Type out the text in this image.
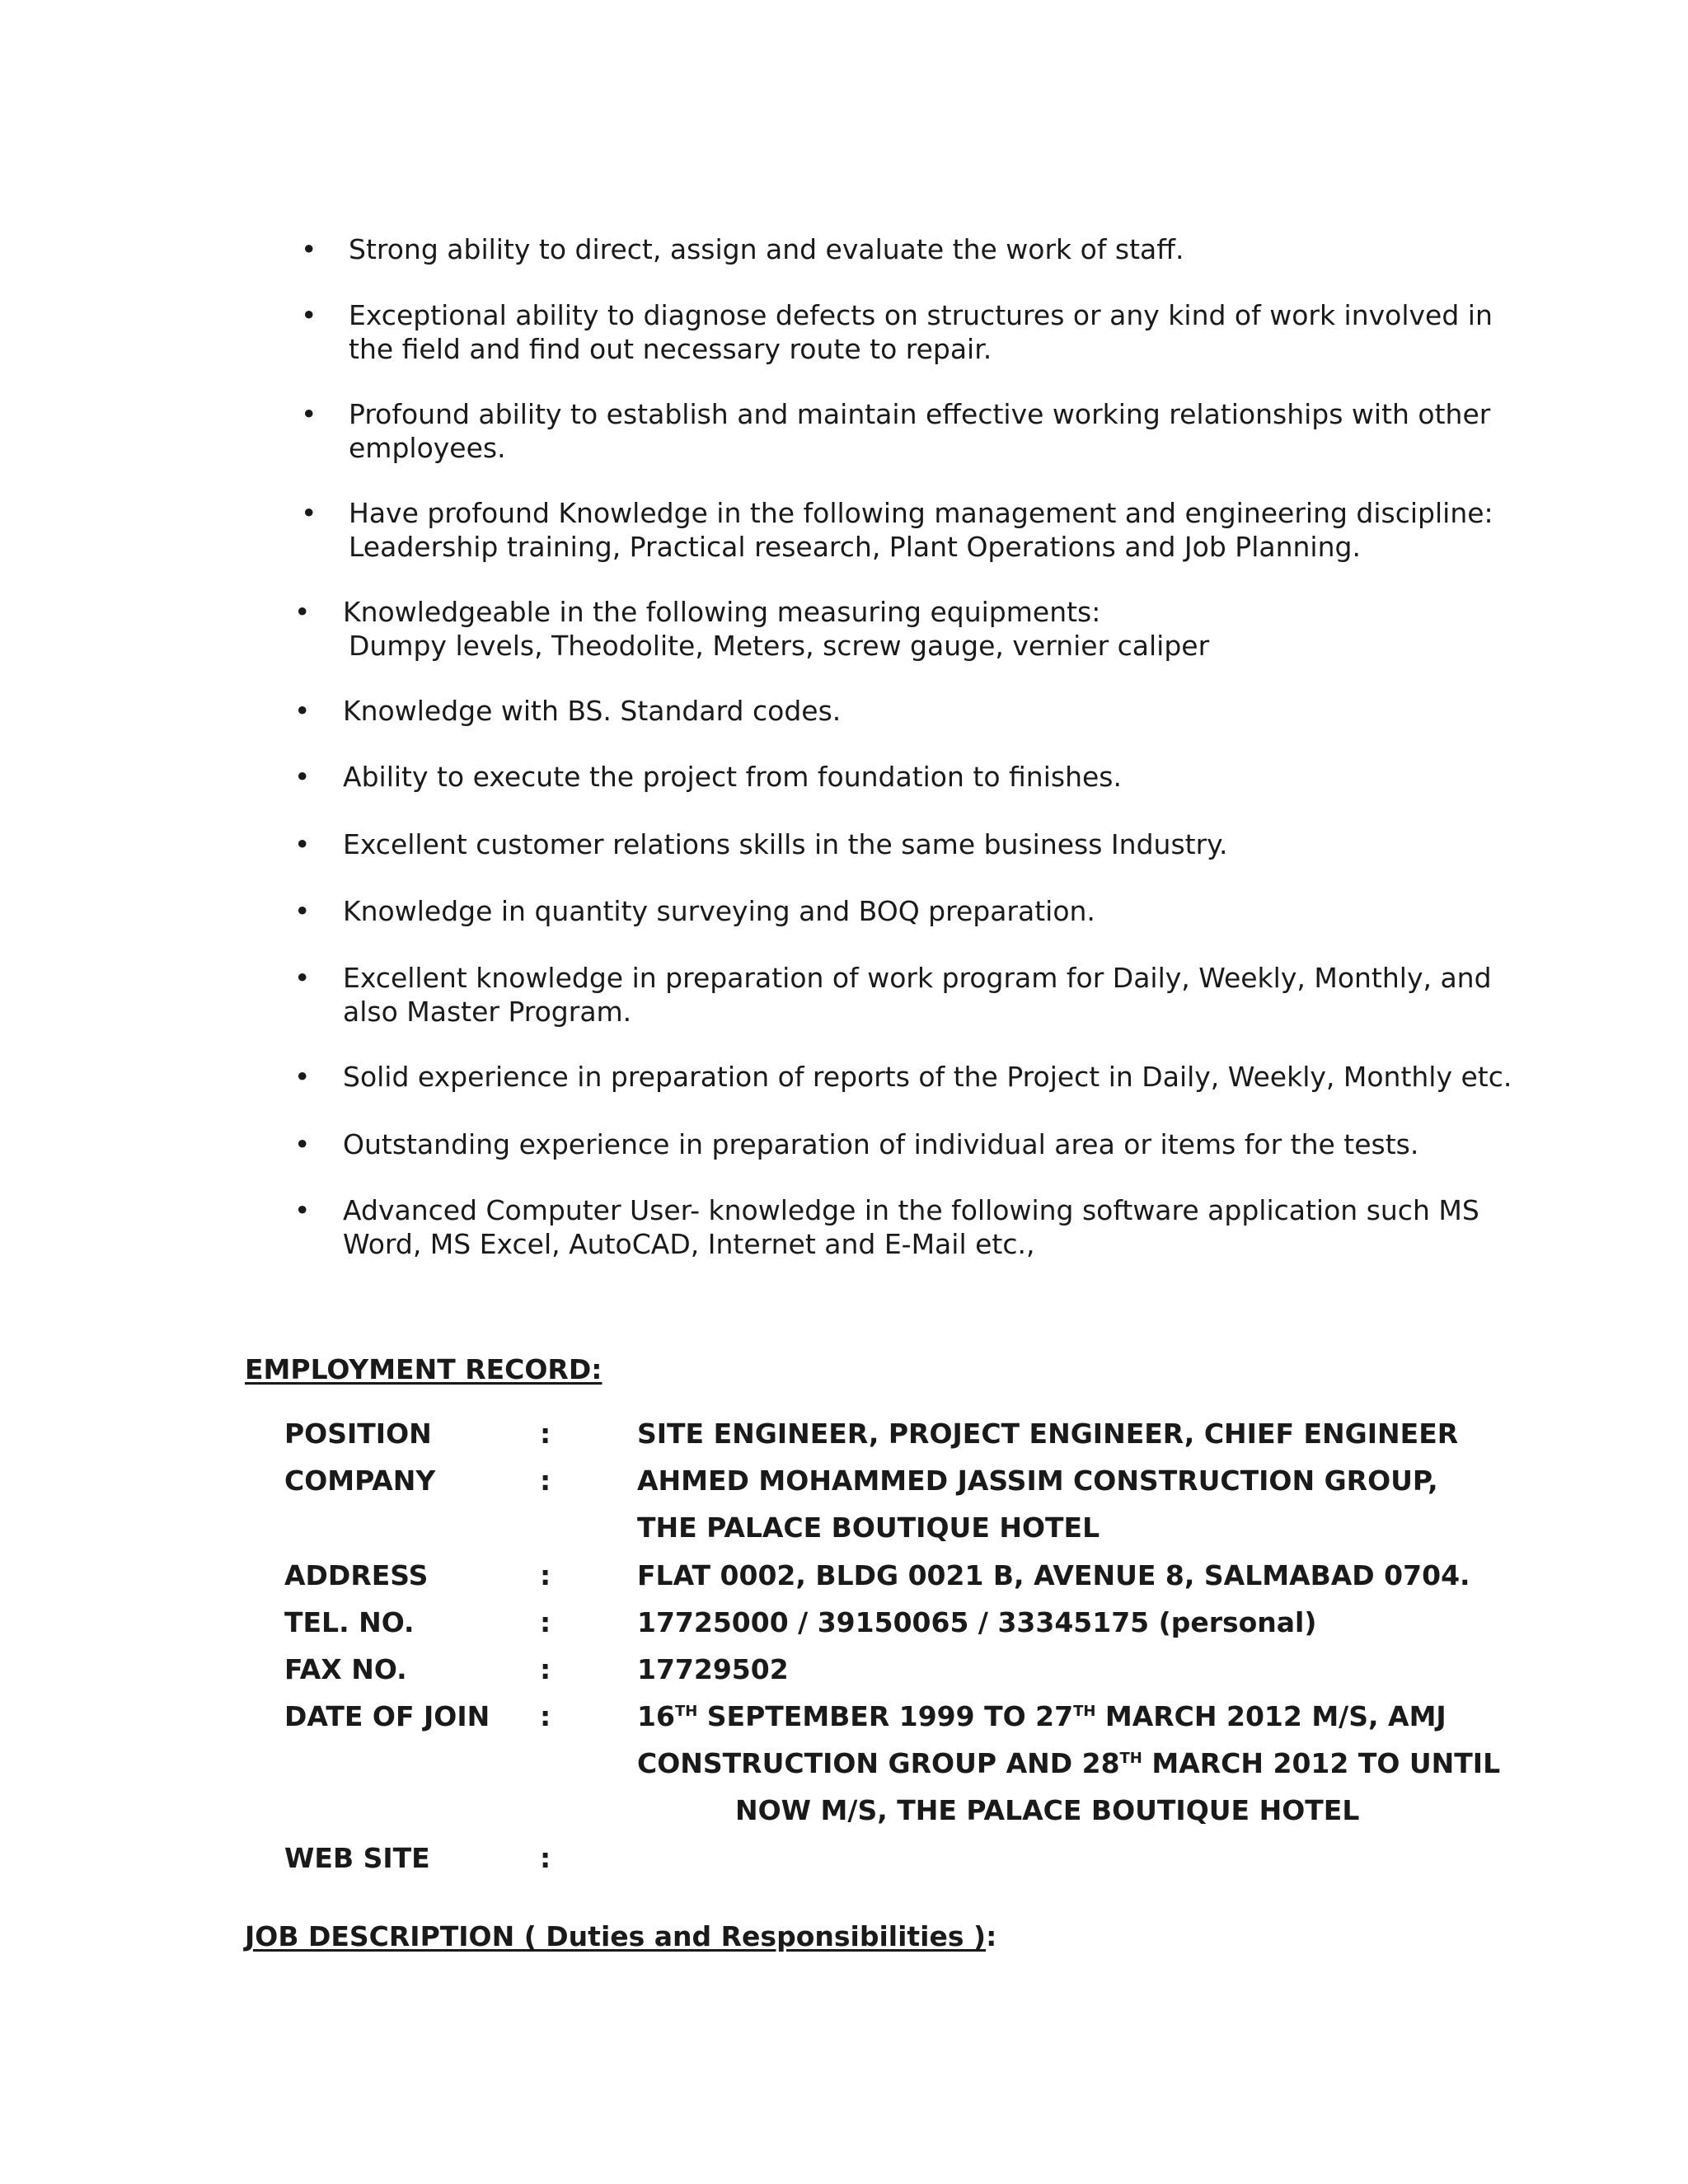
• Strong ability to direct, assign and evaluate the work of staff.
• Exceptional ability to diagnose defects on structures or any kind of work involved in
the field and find out necessary route to repair.
• Profound ability to establish and maintain effective working relationships with other
employees.
• Have profound Knowledge in the following management and engineering discipline:
Leadership training, Practical research, Plant Operations and Job Planning.
• Knowledgeable in the following measuring equipments:
Dumpy levels, Theodolite, Meters, screw gauge, vernier caliper
• Knowledge with BS. Standard codes.
• Ability to execute the project from foundation to finishes.
• Excellent customer relations skills in the same business Industry.
• Knowledge in quantity surveying and BOQ preparation.
• Excellent knowledge in preparation of work program for Daily, Weekly, Monthly, and
also Master Program.
• Solid experience in preparation of reports of the Project in Daily, Weekly, Monthly etc.
• Outstanding experience in preparation of individual area or items for the tests.
• Advanced Computer User- knowledge in the following software application such MS
Word, MS Excel, AutoCAD, Internet and E-Mail etc.,
EMPLOYMENT RECORD:
POSITION	:	SITE ENGINEER, PROJECT ENGINEER, CHIEF ENGINEER
COMPANY	:	AHMED MOHAMMED JASSIM CONSTRUCTION GROUP,
THE PALACE BOUTIQUE HOTEL
ADDRESS	:	FLAT 0002, BLDG 0021 B, AVENUE 8, SALMABAD 0704.
TEL. NO.	:	17725000 / 39150065 / 33345175 (personal)
FAX NO.	:	17729502
DATE OF JOIN :	16TH SEPTEMBER 1999 TO 27TH MARCH 2012 M/S, AMJ
CONSTRUCTION GROUP AND 28TH MARCH 2012 TO UNTIL
NOW M/S, THE PALACE BOUTIQUE HOTEL
WEB SITE	:
JOB DESCRIPTION ( Duties and Responsibilities ):
